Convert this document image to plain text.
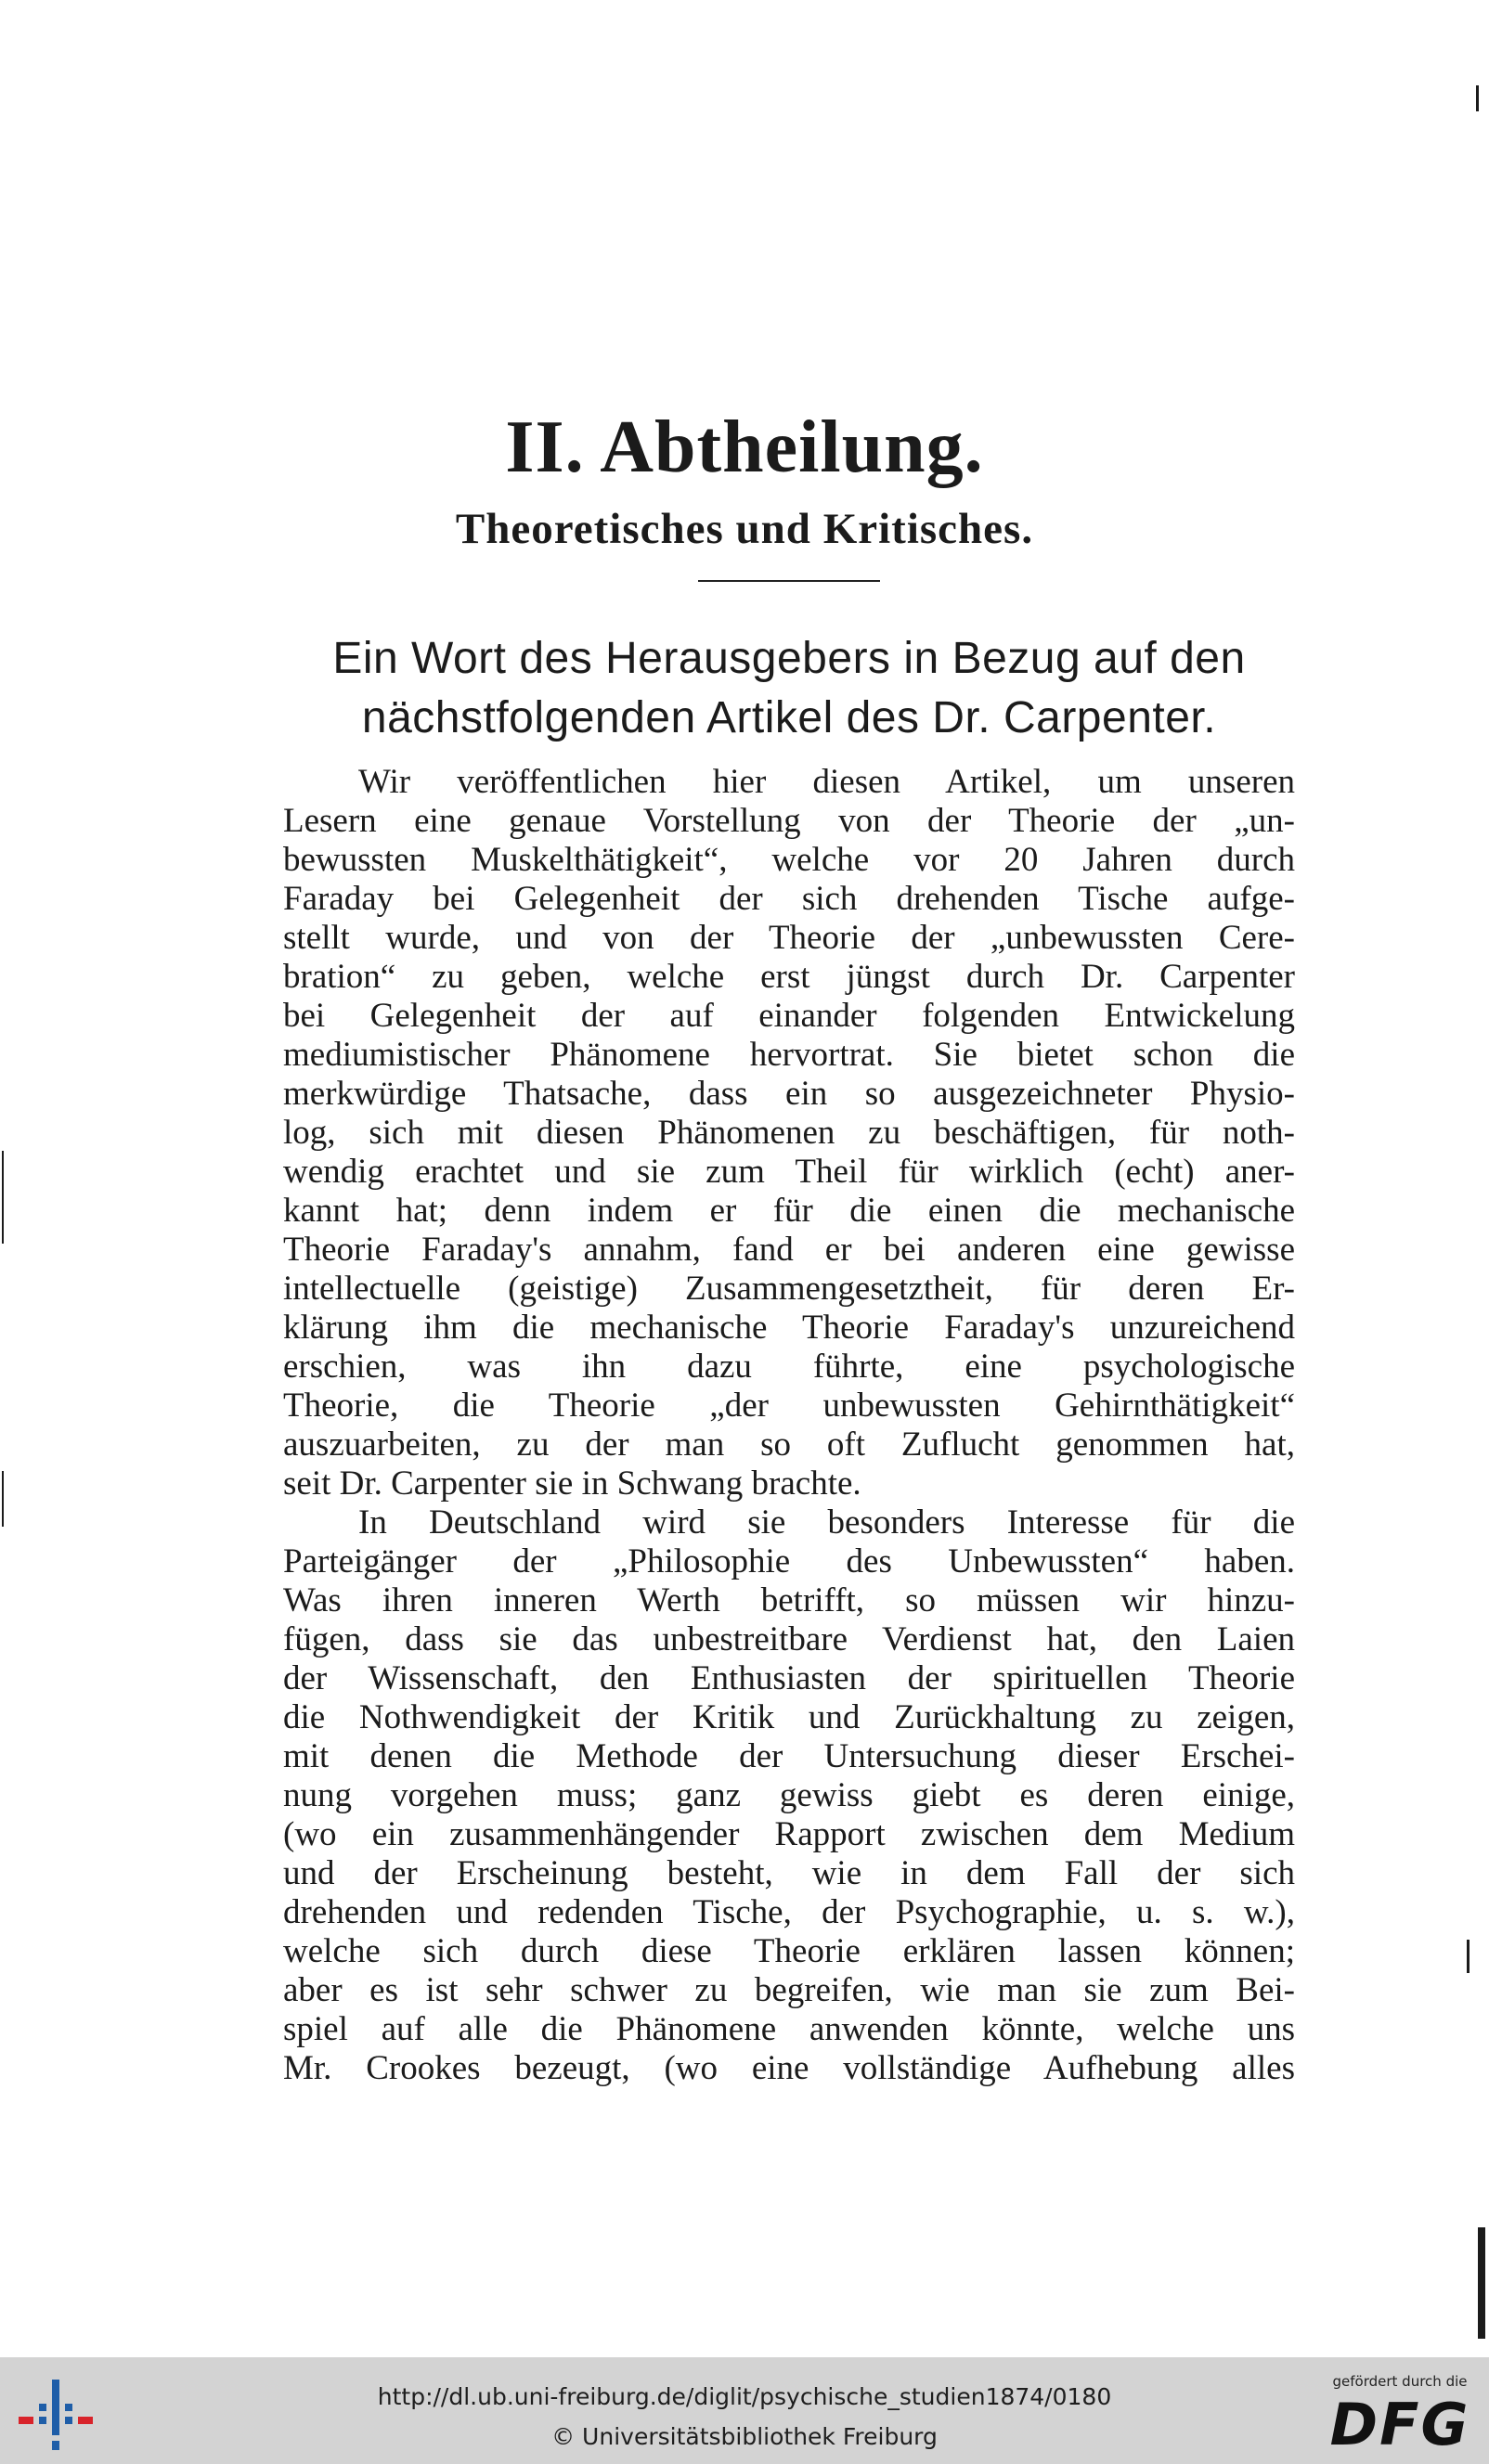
II. Abtheilung.
Theoretisches und Kritisches.
Ein Wort des Herausgebers in Bezug auf den
nächstfolgenden Artikel des Dr. Carpenter.
Wir veröffentlichen hier diesen Artikel, um unseren
Lesern eine genaue Vorstellung von der Theorie der „un-
bewussten Muskelthätigkeit“, welche vor 20 Jahren durch
Faraday bei Gelegenheit der sich drehenden Tische aufge-
stellt wurde, und von der Theorie der „unbewussten Cere-
bration“ zu geben, welche erst jüngst durch Dr. Carpenter
bei Gelegenheit der auf einander folgenden Entwickelung
mediumistischer Phänomene hervortrat. Sie bietet schon die
merkwürdige Thatsache, dass ein so ausgezeichneter Physio-
log, sich mit diesen Phänomenen zu beschäftigen, für noth-
wendig erachtet und sie zum Theil für wirklich (echt) aner-
kannt hat; denn indem er für die einen die mechanische
Theorie Faraday's annahm, fand er bei anderen eine gewisse
intellectuelle (geistige) Zusammengesetztheit, für deren Er-
klärung ihm die mechanische Theorie Faraday's unzureichend
erschien, was ihn dazu führte, eine psychologische
Theorie, die Theorie „der unbewussten Gehirnthätigkeit“
auszuarbeiten, zu der man so oft Zuflucht genommen hat,
seit Dr. Carpenter sie in Schwang brachte.
In Deutschland wird sie besonders Interesse für die
Parteigänger der „Philosophie des Unbewussten“ haben.
Was ihren inneren Werth betrifft, so müssen wir hinzu-
fügen, dass sie das unbestreitbare Verdienst hat, den Laien
der Wissenschaft, den Enthusiasten der spirituellen Theorie
die Nothwendigkeit der Kritik und Zurückhaltung zu zeigen,
mit denen die Methode der Untersuchung dieser Erschei-
nung vorgehen muss; ganz gewiss giebt es deren einige,
(wo ein zusammenhängender Rapport zwischen dem Medium
und der Erscheinung besteht, wie in dem Fall der sich
drehenden und redenden Tische, der Psychographie, u. s. w.),
welche sich durch diese Theorie erklären lassen können;
aber es ist sehr schwer zu begreifen, wie man sie zum Bei-
spiel auf alle die Phänomene anwenden könnte, welche uns
Mr. Crookes bezeugt, (wo eine vollständige Aufhebung alles
http://dl.ub.uni-freiburg.de/diglit/psychische_studien1874/0180
© Universitätsbibliothek Freiburg
gefördert durch die
DFG
